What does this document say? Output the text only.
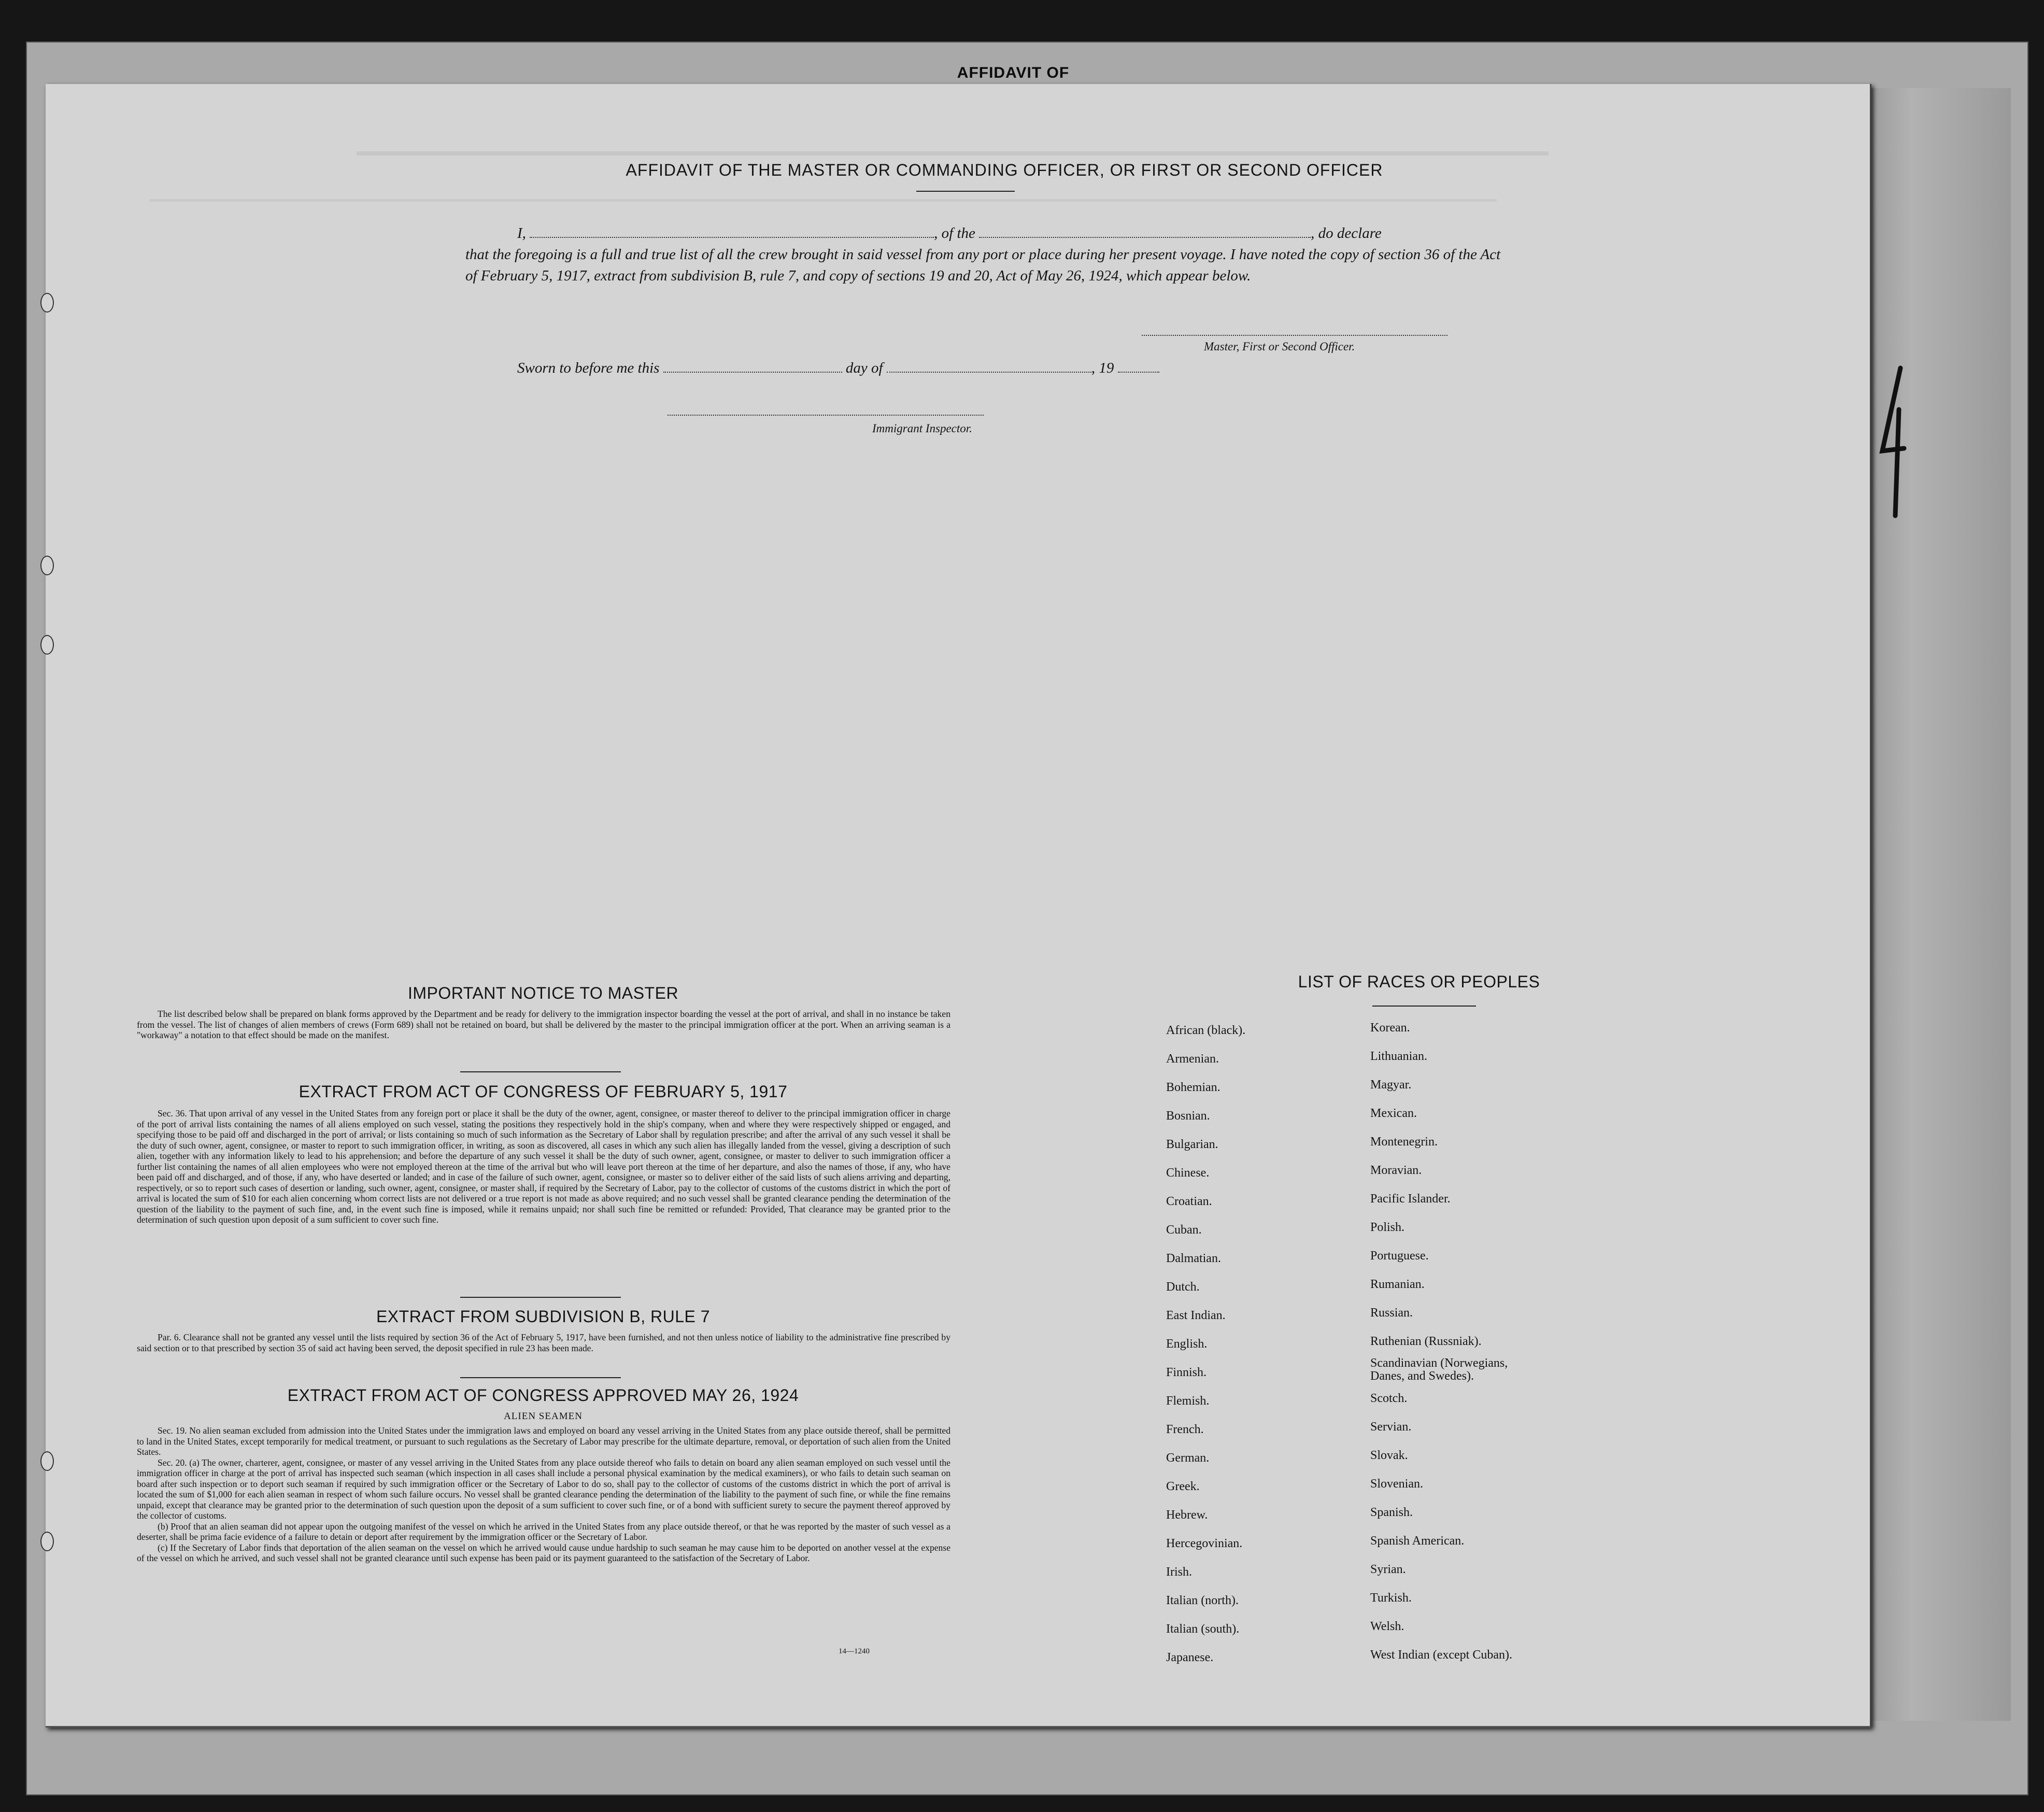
AFFIDAVIT OF
AFFIDAVIT OF THE MASTER OR COMMANDING OFFICER, OR FIRST OR SECOND OFFICER
I,	, of the	, do declare
that the foregoing is a full and true list of all the crew brought in said vessel from any port or place during her present voyage. I have noted the copy of section 36 of the Act of February 5, 1917, extract from subdivision B, rule 7, and copy of sections 19 and 20, Act of May 26, 1924, which appear below.
Master, First or Second Officer.
Sworn to before me this	day of	, 19
Immigrant Inspector.
IMPORTANT NOTICE TO MASTER

The list described below shall be prepared on blank forms approved by the Department and be ready for delivery to the immigration inspector boarding the vessel at the port of arrival, and shall in no instance be taken from the vessel. The list of changes of alien members of crews (Form 689) shall not be retained on board, but shall be delivered by the master to the principal immigration officer at the port. When an arriving seaman is a "workaway" a notation to that effect should be made on the manifest.

EXTRACT FROM ACT OF CONGRESS OF FEBRUARY 5, 1917

Sec. 36. That upon arrival of any vessel in the United States from any foreign port or place it shall be the duty of the owner, agent, consignee, or master thereof to deliver to the principal immigration officer in charge of the port of arrival lists containing the names of all aliens employed on such vessel, stating the positions they respectively hold in the ship's company, when and where they were respectively shipped or engaged, and specifying those to be paid off and discharged in the port of arrival; or lists containing so much of such information as the Secretary of Labor shall by regulation prescribe; and after the arrival of any such vessel it shall be the duty of such owner, agent, consignee, or master to report to such immigration officer, in writing, as soon as discovered, all cases in which any such alien has illegally landed from the vessel, giving a description of such alien, together with any information likely to lead to his apprehension; and before the departure of any such vessel it shall be the duty of such owner, agent, consignee, or master to deliver to such immigration officer a further list containing the names of all alien employees who were not employed thereon at the time of the arrival but who will leave port thereon at the time of her departure, and also the names of those, if any, who have been paid off and discharged, and of those, if any, who have deserted or landed; and in case of the failure of such owner, agent, consignee, or master so to deliver either of the said lists of such aliens arriving and departing, respectively, or so to report such cases of desertion or landing, such owner, agent, consignee, or master shall, if required by the Secretary of Labor, pay to the collector of customs of the customs district in which the port of arrival is located the sum of $10 for each alien concerning whom correct lists are not delivered or a true report is not made as above required; and no such vessel shall be granted clearance pending the determination of the question of the liability to the payment of such fine, and, in the event such fine is imposed, while it remains unpaid; nor shall such fine be remitted or refunded: Provided, That clearance may be granted prior to the determination of such question upon deposit of a sum sufficient to cover such fine.

EXTRACT FROM SUBDIVISION B, RULE 7

Par. 6. Clearance shall not be granted any vessel until the lists required by section 36 of the Act of February 5, 1917, have been furnished, and not then unless notice of liability to the administrative fine prescribed by said section or to that prescribed by section 35 of said act having been served, the deposit specified in rule 23 has been made.

EXTRACT FROM ACT OF CONGRESS APPROVED MAY 26, 1924
ALIEN SEAMEN

Sec. 19. No alien seaman excluded from admission into the United States under the immigration laws and employed on board any vessel arriving in the United States from any place outside thereof, shall be permitted to land in the United States, except temporarily for medical treatment, or pursuant to such regulations as the Secretary of Labor may prescribe for the ultimate departure, removal, or deportation of such alien from the United States.

Sec. 20. (a) The owner, charterer, agent, consignee, or master of any vessel arriving in the United States from any place outside thereof who fails to detain on board any alien seaman employed on such vessel until the immigration officer in charge at the port of arrival has inspected such seaman (which inspection in all cases shall include a personal physical examination by the medical examiners), or who fails to detain such seaman on board after such inspection or to deport such seaman if required by such immigration officer or the Secretary of Labor to do so, shall pay to the collector of customs of the customs district in which the port of arrival is located the sum of $1,000 for each alien seaman in respect of whom such failure occurs. No vessel shall be granted clearance pending the determination of the liability to the payment of such fine, or while the fine remains unpaid, except that clearance may be granted prior to the determination of such question upon the deposit of a sum sufficient to cover such fine, or of a bond with sufficient surety to secure the payment thereof approved by the collector of customs.

(b) Proof that an alien seaman did not appear upon the outgoing manifest of the vessel on which he arrived in the United States from any place outside thereof, or that he was reported by the master of such vessel as a deserter, shall be prima facie evidence of a failure to detain or deport after requirement by the immigration officer or the Secretary of Labor.

(c) If the Secretary of Labor finds that deportation of the alien seaman on the vessel on which he arrived would cause undue hardship to such seaman he may cause him to be deported on another vessel at the expense of the vessel on which he arrived, and such vessel shall not be granted clearance until such expense has been paid or its payment guaranteed to the satisfaction of the Secretary of Labor.

14—1240
LIST OF RACES OR PEOPLES
African (black).
Armenian.
Bohemian.
Bosnian.
Bulgarian.
Chinese.
Croatian.
Cuban.
Dalmatian.
Dutch.
East Indian.
English.
Finnish.
Flemish.
French.
German.
Greek.
Hebrew.
Hercegovinian.
Irish.
Italian (north).
Italian (south).
Japanese.
Korean.
Lithuanian.
Magyar.
Mexican.
Montenegrin.
Moravian.
Pacific Islander.
Polish.
Portuguese.
Rumanian.
Russian.
Ruthenian (Russniak).
Scandinavian (Norwegians, Danes, and Swedes).
Scotch.
Servian.
Slovak.
Slovenian.
Spanish.
Spanish American.
Syrian.
Turkish.
Welsh.
West Indian (except Cuban).
